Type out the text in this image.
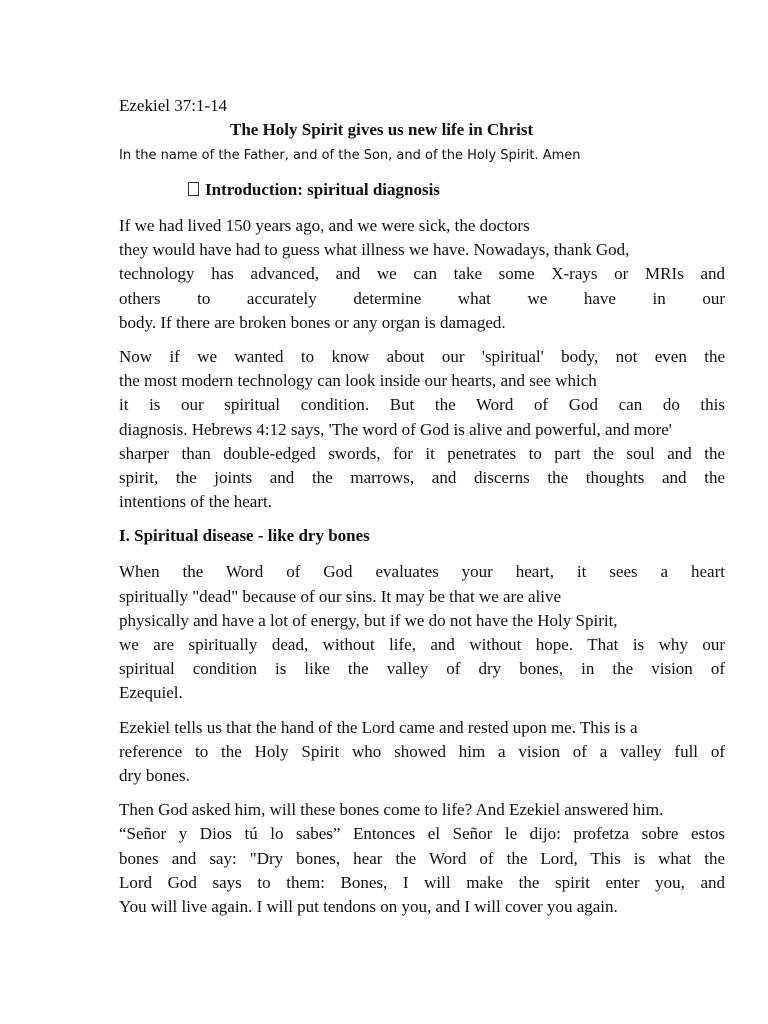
Ezekiel 37:1-14

The Holy Spirit gives us new life in Christ

In the name of the Father, and of the Son, and of the Holy Spirit. Amen

Introduction: spiritual diagnosis

If we had lived 150 years ago, and we were sick, the doctors
they would have had to guess what illness we have. Nowadays, thank God,
technology has advanced, and we can take some X-rays or MRIs and
others to accurately determine what we have in our
body. If there are broken bones or any organ is damaged.
Now if we wanted to know about our 'spiritual' body, not even the
the most modern technology can look inside our hearts, and see which
it is our spiritual condition. But the Word of God can do this
diagnosis. Hebrews 4:12 says, 'The word of God is alive and powerful, and more'
sharper than double-edged swords, for it penetrates to part the soul and the
spirit, the joints and the marrows, and discerns the thoughts and the
intentions of the heart.

I. Spiritual disease - like dry bones

When the Word of God evaluates your heart, it sees a heart
spiritually "dead" because of our sins. It may be that we are alive
physically and have a lot of energy, but if we do not have the Holy Spirit,
we are spiritually dead, without life, and without hope. That is why our
spiritual condition is like the valley of dry bones, in the vision of
Ezequiel.
Ezekiel tells us that the hand of the Lord came and rested upon me. This is a
reference to the Holy Spirit who showed him a vision of a valley full of
dry bones.
Then God asked him, will these bones come to life? And Ezekiel answered him.
“Señor y Dios tú lo sabes” Entonces el Señor le dijo: profetza sobre estos
bones and say: "Dry bones, hear the Word of the Lord, This is what the
Lord God says to them: Bones, I will make the spirit enter you, and
You will live again. I will put tendons on you, and I will cover you again.
